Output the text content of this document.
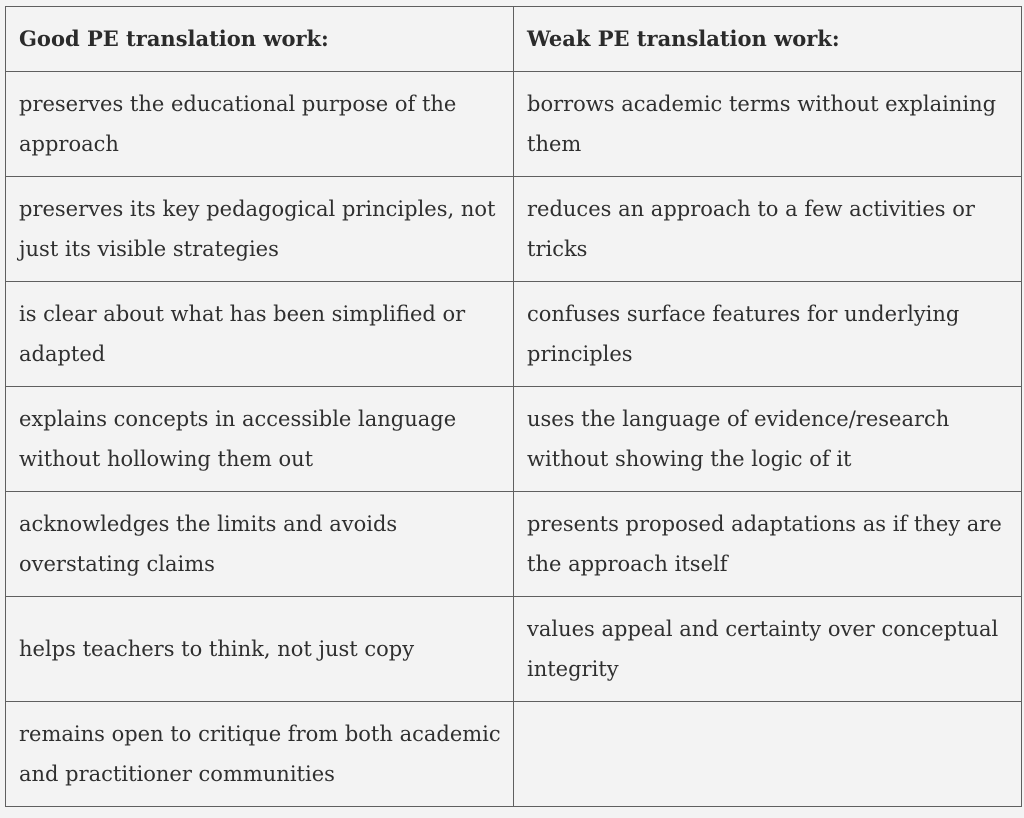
Good PE translation work:	Weak PE translation work:
preserves the educational purpose of the approach	borrows academic terms without explaining them
preserves its key pedagogical principles, not just its visible strategies	reduces an approach to a few activities or tricks
is clear about what has been simplified or adapted	confuses surface features for underlying principles
explains concepts in accessible language without hollowing them out	uses the language of evidence/research without showing the logic of it
acknowledges the limits and avoids overstating claims	presents proposed adaptations as if they are the approach itself
helps teachers to think, not just copy	values appeal and certainty over conceptual integrity
remains open to critique from both academic and practitioner communities	
